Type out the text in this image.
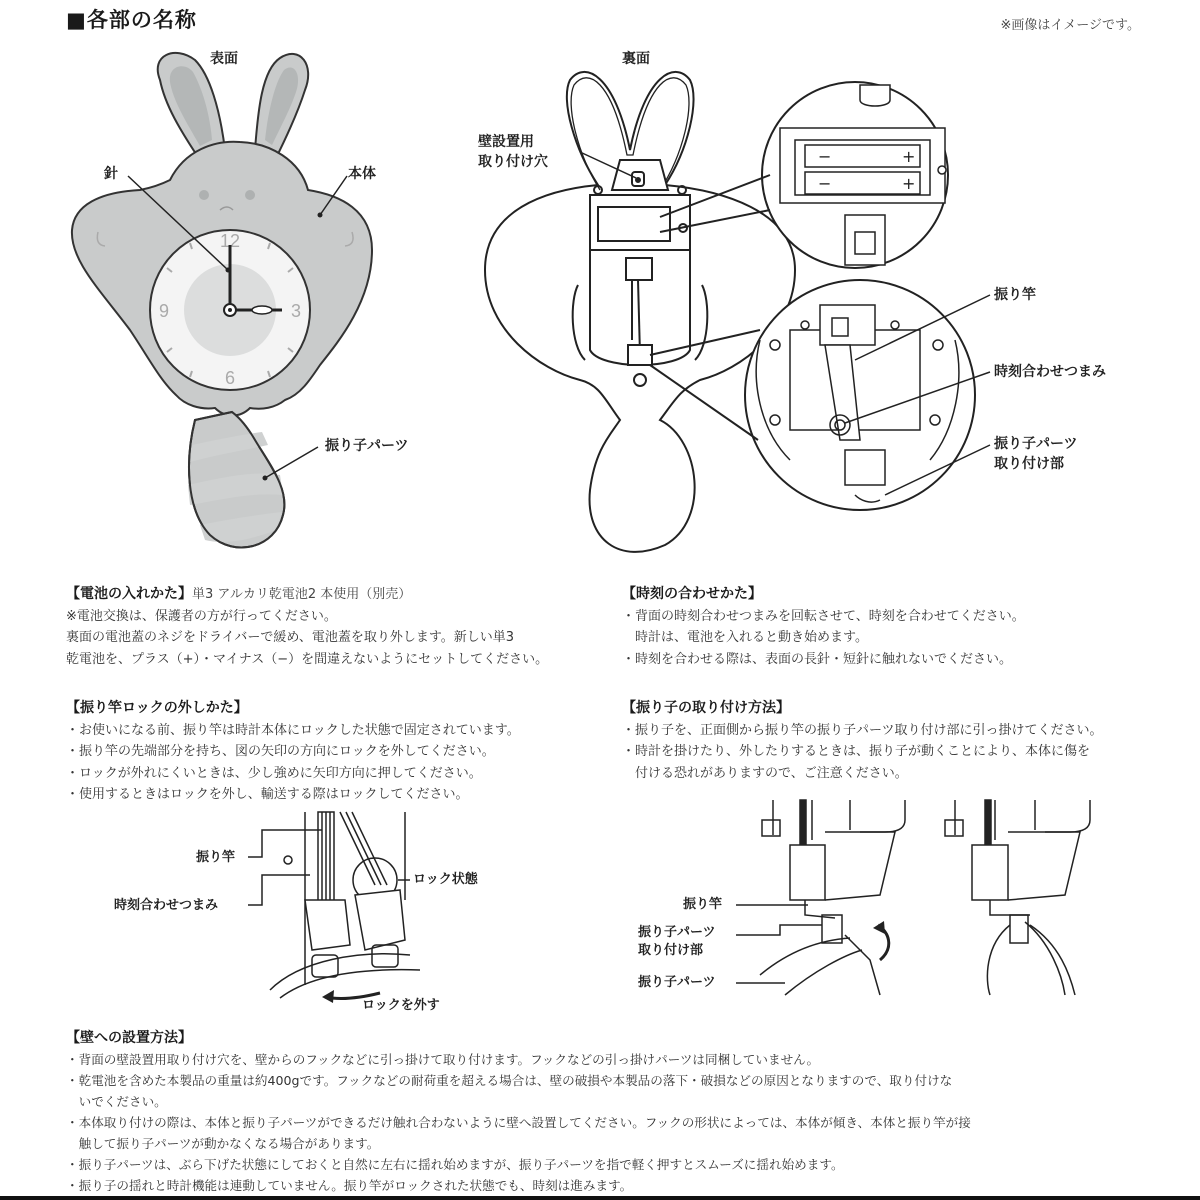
■各部の名称	※画像はイメージです。
表面
12
3
6
9
針	本体
振り子パーツ
裏面
−	+
−	+
壁設置用
取り付け穴
振り竿
時刻合わせつまみ
振り子パーツ
取り付け部

【電池の入れかた】単3 アルカリ乾電池2 本使用（別売）

※電池交換は、保護者の方が行ってください。

裏面の電池蓋のネジをドライバーで緩め、電池蓋を取り外します。新しい単3

乾電池を、プラス（+）・マイナス（−）を間違えないようにセットしてください。

【時刻の合わせかた】

・背面の時刻合わせつまみを回転させて、時刻を合わせてください。

　時計は、電池を入れると動き始めます。

・時刻を合わせる際は、表面の長針・短針に触れないでください。

【振り竿ロックの外しかた】

・お使いになる前、振り竿は時計本体にロックした状態で固定されています。

・振り竿の先端部分を持ち、図の矢印の方向にロックを外してください。

・ロックが外れにくいときは、少し強めに矢印方向に押してください。

・使用するときはロックを外し、輸送する際はロックしてください。

【振り子の取り付け方法】

・振り子を、正面側から振り竿の振り子パーツ取り付け部に引っ掛けてください。

・時計を掛けたり、外したりするときは、振り子が動くことにより、本体に傷を

　付ける恐れがありますので、ご注意ください。

振り竿
時刻合わせつまみ
ロック状態
ロックを外す
振り竿
振り子パーツ
取り付け部
振り子パーツ

【壁への設置方法】

・背面の壁設置用取り付け穴を、壁からのフックなどに引っ掛けて取り付けます。フックなどの引っ掛けパーツは同梱していません。

・乾電池を含めた本製品の重量は約400gです。フックなどの耐荷重を超える場合は、壁の破損や本製品の落下・破損などの原因となりますので、取り付けな

　いでください。

・本体取り付けの際は、本体と振り子パーツができるだけ触れ合わないように壁へ設置してください。フックの形状によっては、本体が傾き、本体と振り竿が接

　触して振り子パーツが動かなくなる場合があります。

・振り子パーツは、ぶら下げた状態にしておくと自然に左右に揺れ始めますが、振り子パーツを指で軽く押すとスムーズに揺れ始めます。

・振り子の揺れと時計機能は連動していません。振り竿がロックされた状態でも、時刻は進みます。
